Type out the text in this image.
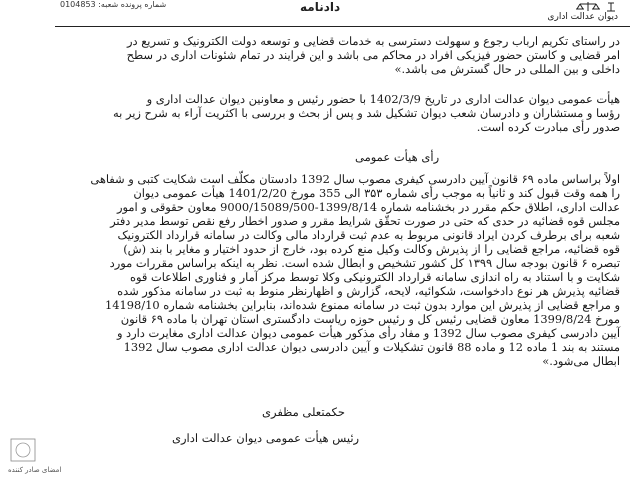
دیوان عدالت اداری
دادنامه
شماره پرونده شعبه: 0104853
در راستای تکریم ارباب رجوع و سهولت دسترسی به خدمات قضایی و توسعه دولت الکترونیک و تسریع در
امر قضایی و کاستن حضور فیزیکی افراد در محاکم می باشد و این فرایند در تمام شئونات اداری در سطح
داخلی و بین المللی در حال گسترش می باشد.»
هیأت عمومی دیوان عدالت اداری در تاریخ 1402/3/9 با حضور رئیس و معاونین دیوان عدالت اداری و
رؤسا و مستشاران و دادرسان شعب دیوان تشکیل شد و پس از بحث و بررسی با اکثریت آراء به شرح زیر به
صدور رأی مبادرت کرده است.
اولاً براساس ماده ۶۹ قانون آیین دادرسی کیفری مصوب سال 1392 دادستان مکلّف است شکایت کتبی و شفاهی
را همه وقت قبول کند و ثانیاً به موجب رأی شماره ۳۵۳ الی 355 مورخ 1401/2/20 هیأت عمومی دیوان
عدالت اداری، اطلاق حکم مقرر در بخشنامه شماره 1399/8/14-9000/15089/500 معاون حقوقی و امور
مجلس قوه قضائیه در حدی که حتی در صورت تحقّق شرایط مقرر و صدور اخطار رفع نقص توسط مدیر دفتر
شعبه برای برطرف کردن ایراد قانونی مربوط به عدم ثبت قرارداد مالی وکالت در سامانه قرارداد الکترونیک
قوه قضائیه، مراجع قضایی را از پذیرش وکالت وکیل منع کرده بود، خارج از حدود اختیار و مغایر با بند (ش)
تبصره ۶ قانون بودجه سال ۱۳۹۹ کل کشور تشخیص و ابطال شده است. نظر به اینکه براساس مقررات مورد
شکایت و با استناد به راه اندازی سامانه قرارداد الکترونیکی وکلا توسط مرکز آمار و فناوری اطلاعات قوه
قضائیه پذیرش هر نوع دادخواست، شکوائیه، لایحه، گزارش و اظهارنظر منوط به ثبت در سامانه مذکور شده
و مراجع قضایی از پذیرش این موارد بدون ثبت در سامانه ممنوع شده‌اند، بنابراین بخشنامه شماره 14198/10
مورخ 1399/8/24 معاون قضایی رئیس کل و رئیس حوزه ریاست دادگستری استان تهران با ماده ۶۹ قانون
آیین دادرسی کیفری مصوب سال 1392 و مفاد رأی مذکور هیأت عمومی دیوان عدالت اداری مغایرت دارد و
مستند به بند 1 ماده 12 و ماده 88 قانون تشکیلات و آیین دادرسی دیوان عدالت اداری مصوب سال 1392
ابطال می‌شود.»
رأی هیأت عمومی
حکمتعلی مظفری
رئیس هیأت عمومی دیوان عدالت اداری
امضای صادر کننده
